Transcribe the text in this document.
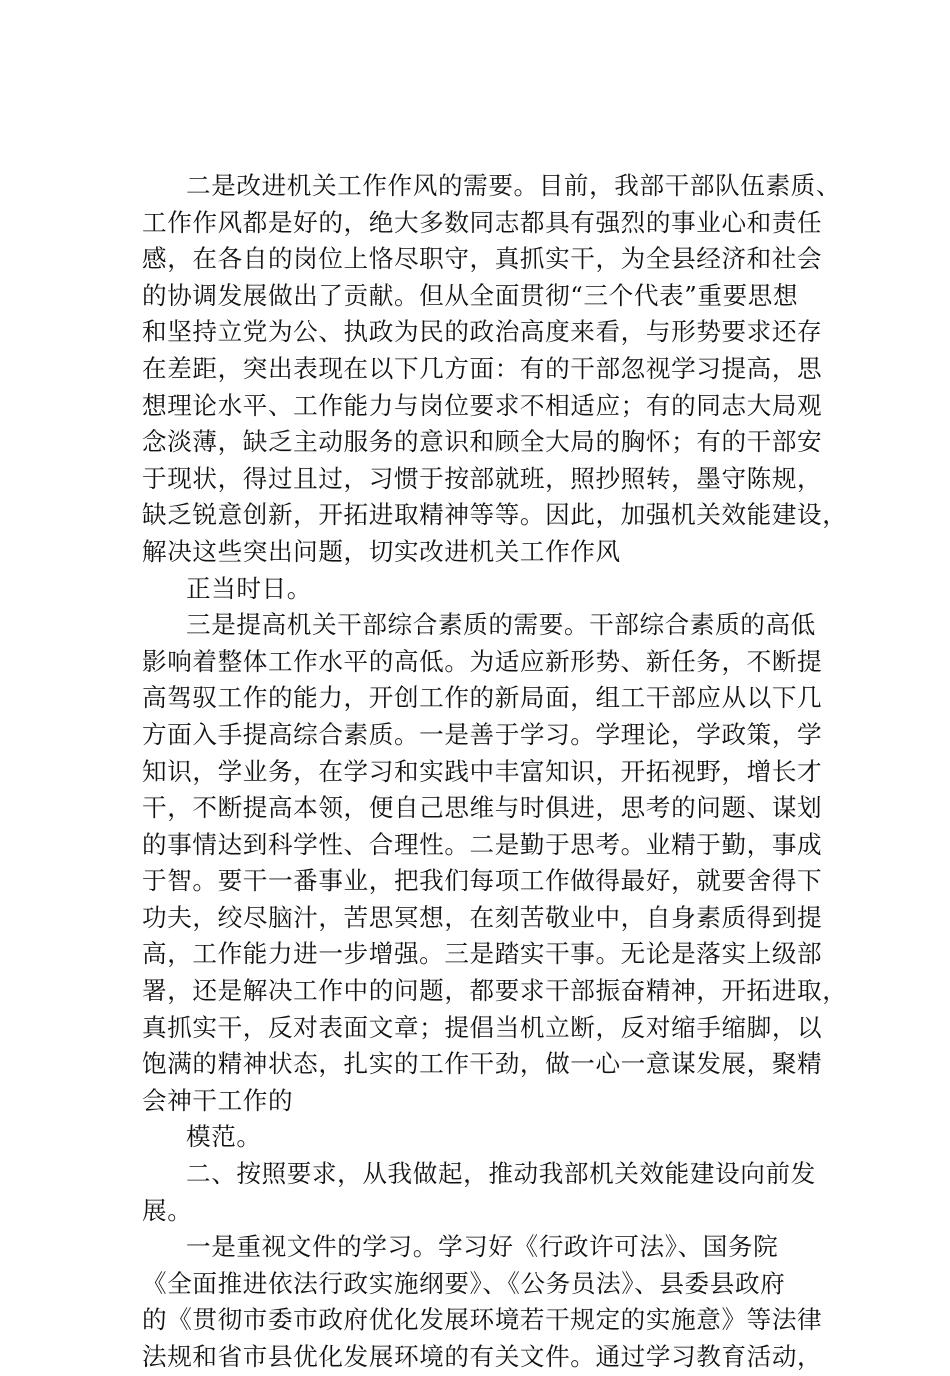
二是改进机关工作作风的需要。目前，我部干部队伍素质、
工作作风都是好的，绝大多数同志都具有强烈的事业心和责任
感，在各自的岗位上恪尽职守，真抓实干，为全县经济和社会
的协调发展做出了贡献。但从全面贯彻“三个代表”重要思想
和坚持立党为公、执政为民的政治高度来看，与形势要求还存
在差距，突出表现在以下几方面：有的干部忽视学习提高，思
想理论水平、工作能力与岗位要求不相适应；有的同志大局观
念淡薄，缺乏主动服务的意识和顾全大局的胸怀；有的干部安
于现状，得过且过，习惯于按部就班，照抄照转，墨守陈规，
缺乏锐意创新，开拓进取精神等等。因此，加强机关效能建设，
解决这些突出问题，切实改进机关工作作风
正当时日。
三是提高机关干部综合素质的需要。干部综合素质的高低
影响着整体工作水平的高低。为适应新形势、新任务，不断提
高驾驭工作的能力，开创工作的新局面，组工干部应从以下几
方面入手提高综合素质。一是善于学习。学理论，学政策，学
知识，学业务，在学习和实践中丰富知识，开拓视野，增长才
干，不断提高本领，便自己思维与时俱进，思考的问题、谋划
的事情达到科学性、合理性。二是勤于思考。业精于勤，事成
于智。要干一番事业，把我们每项工作做得最好，就要舍得下
功夫，绞尽脑汁，苦思冥想，在刻苦敬业中，自身素质得到提
高，工作能力进一步增强。三是踏实干事。无论是落实上级部
署，还是解决工作中的问题，都要求干部振奋精神，开拓进取，
真抓实干，反对表面文章；提倡当机立断，反对缩手缩脚，以
饱满的精神状态，扎实的工作干劲，做一心一意谋发展，聚精
会神干工作的
模范。
二、按照要求，从我做起，推动我部机关效能建设向前发
展。
一是重视文件的学习。学习好《行政许可法》、国务院
《全面推进依法行政实施纲要》、《公务员法》、县委县政府
的《贯彻市委市政府优化发展环境若干规定的实施意》等法律
法规和省市县优化发展环境的有关文件。通过学习教育活动，
